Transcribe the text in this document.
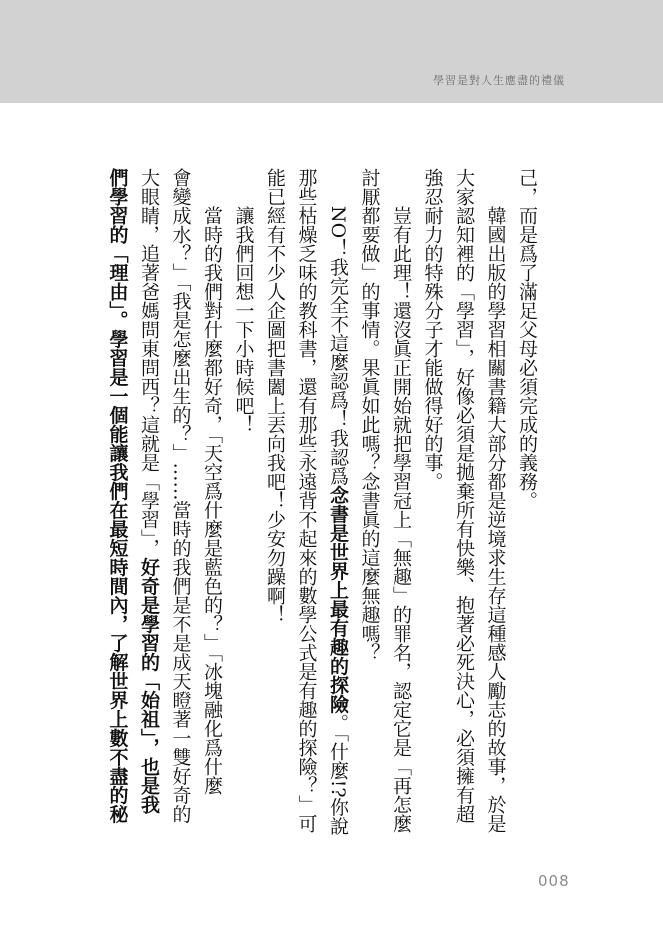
學習是對人生應盡的禮儀

己，而是爲了滿足父母必須完成的義務。

韓國出版的學習相關書籍大部分都是逆境求生存這種感人勵志的故事，於是

大家認知裡的「學習」，好像必須是拋棄所有快樂、抱著必死決心，必須擁有超

強忍耐力的特殊分子才能做得好的事。

豈有此理！還沒眞正開始就把學習冠上「無趣」的罪名，認定它是「再怎麼

討厭都要做」的事情。果眞如此嗎？念書眞的這麼無趣嗎？

NO！我完全不這麼認爲！我認爲念書是世界上最有趣的探險。「什麼!?你說

那些枯燥乏味的教科書，還有那些永遠背不起來的數學公式是有趣的探險？」可

能已經有不少人企圖把書闔上丟向我吧！少安勿躁啊！

讓我們回想一下小時候吧！

當時的我們對什麼都好奇，「天空爲什麼是藍色的？」「冰塊融化爲什麼

會變成水？」「我是怎麼出生的？」……當時的我們是不是成天瞪著一雙好奇的

大眼睛，追著爸媽問東問西？這就是「學習」，好奇是學習的「始祖」，也是我

們學習的「理由」。學習是一個能讓我們在最短時間內，了解世界上數不盡的秘

008
